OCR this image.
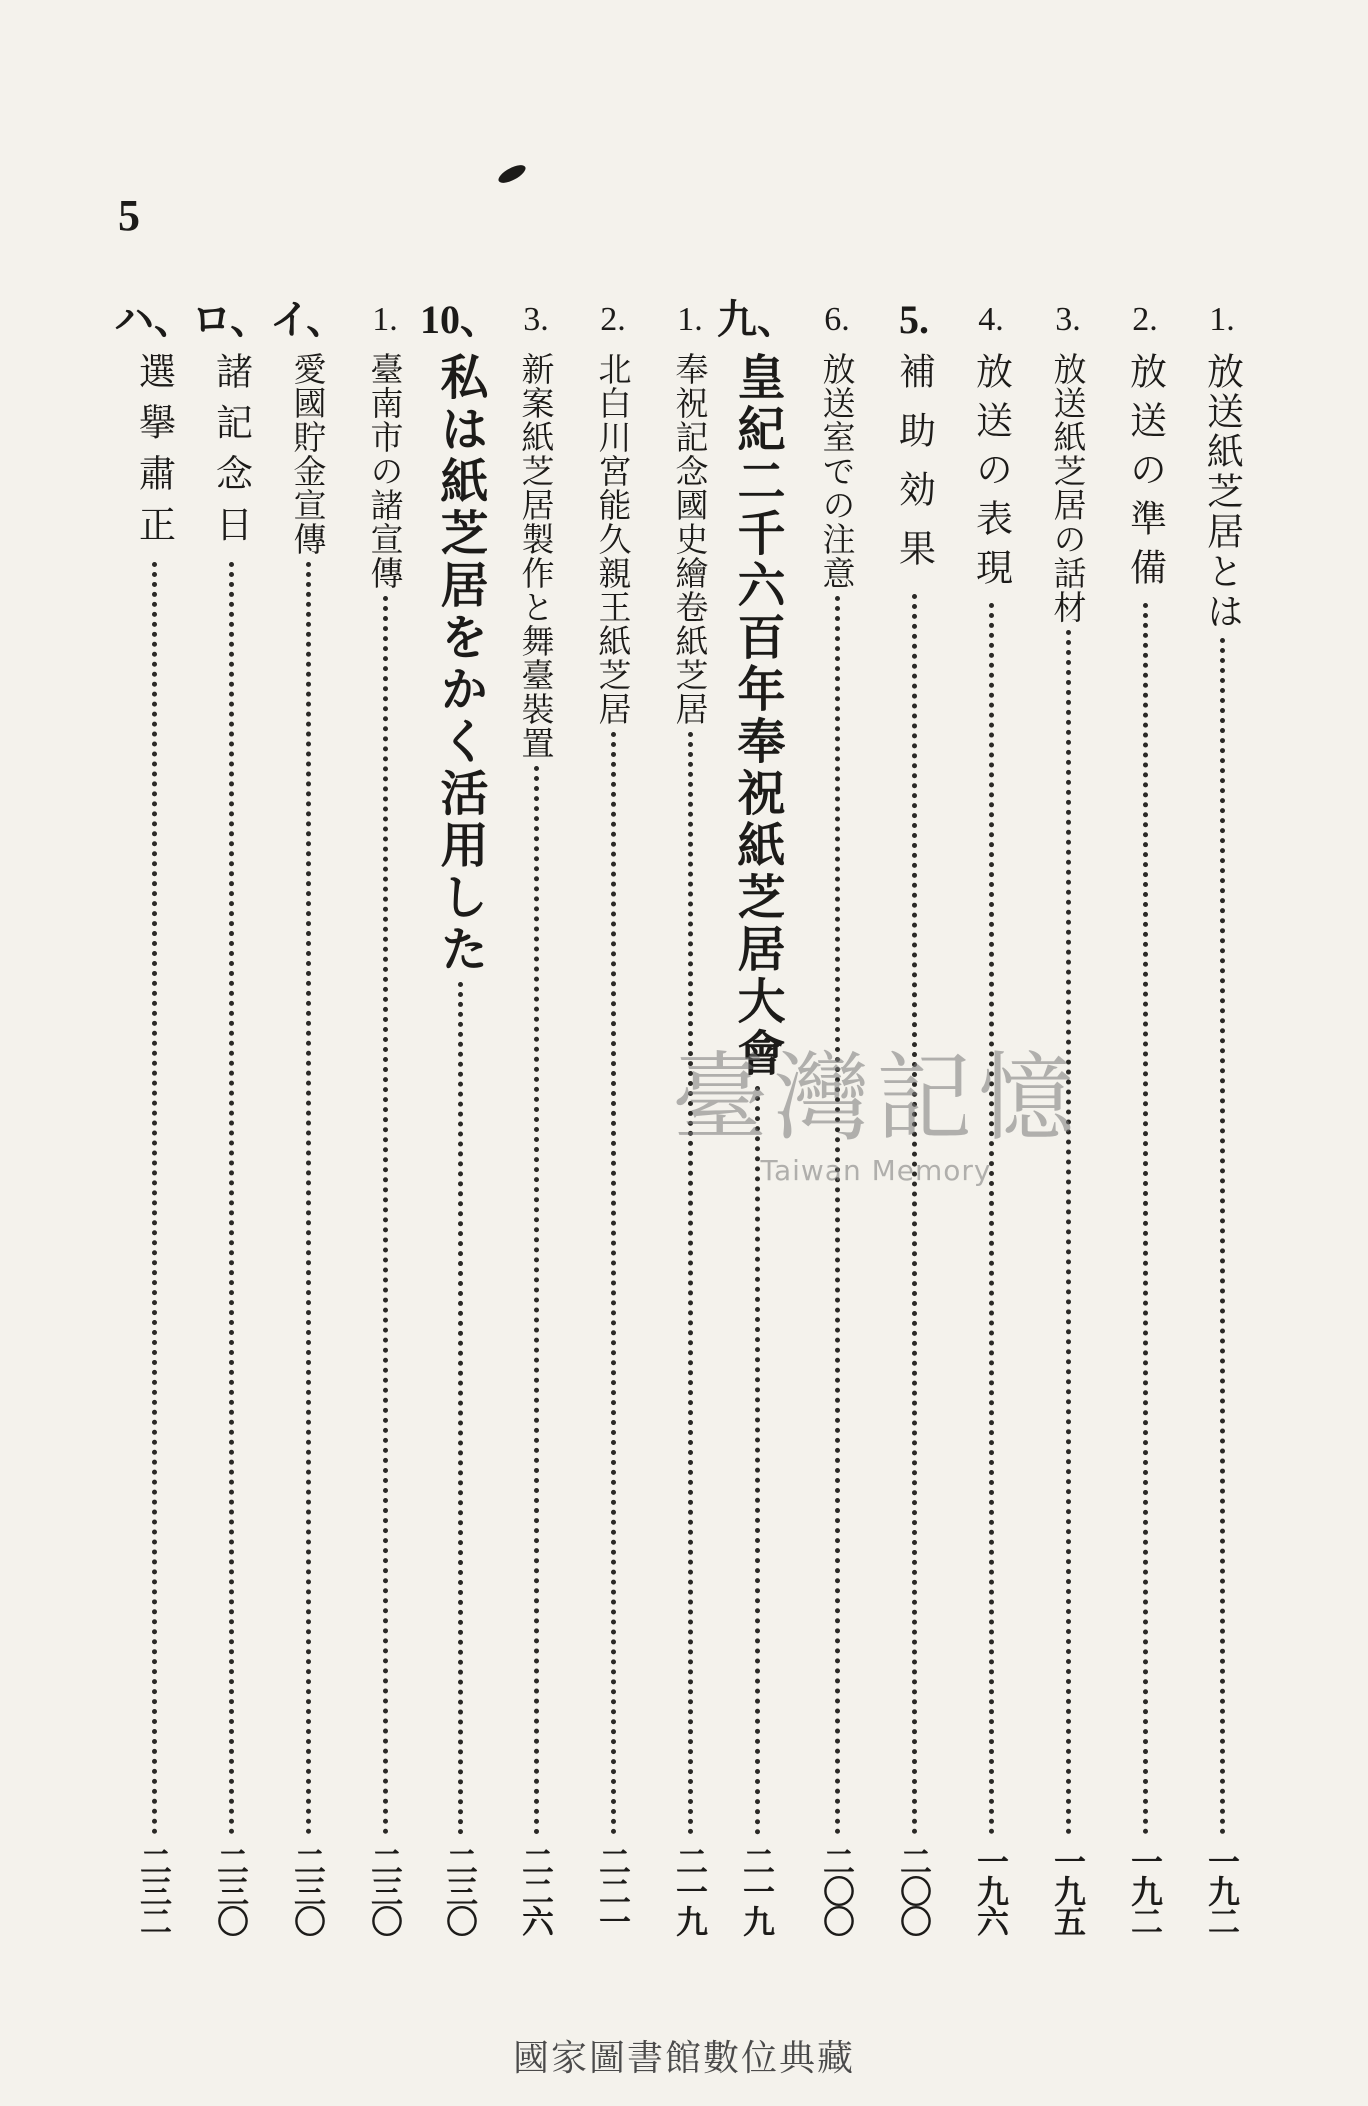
5
1.
放送紙芝居とは
一九二
2.
放送の準備
一九二
3.
放送紙芝居の話材
一九五
4.
放送の表現
一九六
5.
補助効果
二〇〇
6.
放送室での注意
二〇〇
九、
皇紀二千六百年奉祝紙芝居大會
二一九
1.
奉祝記念國史繪卷紙芝居
二一九
2.
北白川宮能久親王紙芝居
二二一
3.
新案紙芝居製作と舞臺裝置
二二六
10、
私は紙芝居をかく活用した
二三〇
1.
臺南市の諸宣傳
二三〇
イ、
愛國貯金宣傳
二三〇
ロ、
諸記念日
二三〇
ハ、
選擧肅正
二三二
臺灣記憶
Taiwan Memory
國家圖書館數位典藏
